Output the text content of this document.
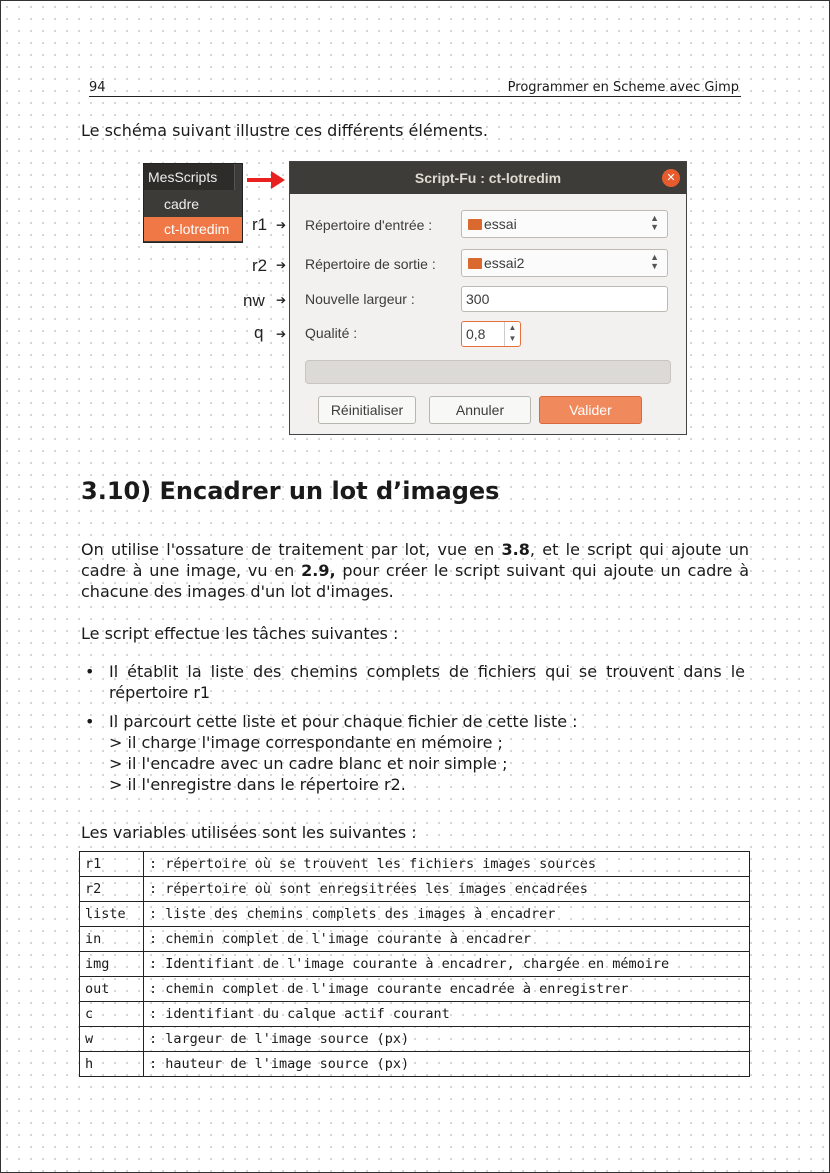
94	Programmer en Scheme avec Gimp
Le schéma suivant illustre ces différents éléments.
MesScripts
cadre
ct-lotredim	r1 ➔
r2 ➔
nw ➔
q ➔
Script-Fu : ct-lotredim	✕
Répertoire d'entrée :	essai	▲
▼
Répertoire de sortie :	essai2	▲
▼
Nouvelle largeur :	300
Qualité :	0,8	▲
▼
Réinitialiser	Annuler	Valider
3.10) Encadrer un lot d’images
On utilise l'ossature de traitement par lot, vue en 3.8, et le script qui ajoute un cadre à une image, vu en 2.9, pour créer le script suivant qui ajoute un cadre à chacune des images d'un lot d'images.
Le script effectue les tâches suivantes :
• Il établit la liste des chemins complets de fichiers qui se trouvent dans le répertoire r1
• Il parcourt cette liste et pour chaque fichier de cette liste :
> il charge l'image correspondante en mémoire ;
> il l'encadre avec un cadre blanc et noir simple ;
> il l'enregistre dans le répertoire r2.
Les variables utilisées sont les suivantes :
r1	: répertoire où se trouvent les fichiers images sources
r2	: répertoire où sont enregsitrées les images encadrées
liste	: liste des chemins complets des images à encadrer
in	: chemin complet de l'image courante à encadrer
img	: Identifiant de l'image courante à encadrer, chargée en mémoire
out	: chemin complet de l'image courante encadrée à enregistrer
c	: identifiant du calque actif courant
w	: largeur de l'image source (px)
h	: hauteur de l'image source (px)
